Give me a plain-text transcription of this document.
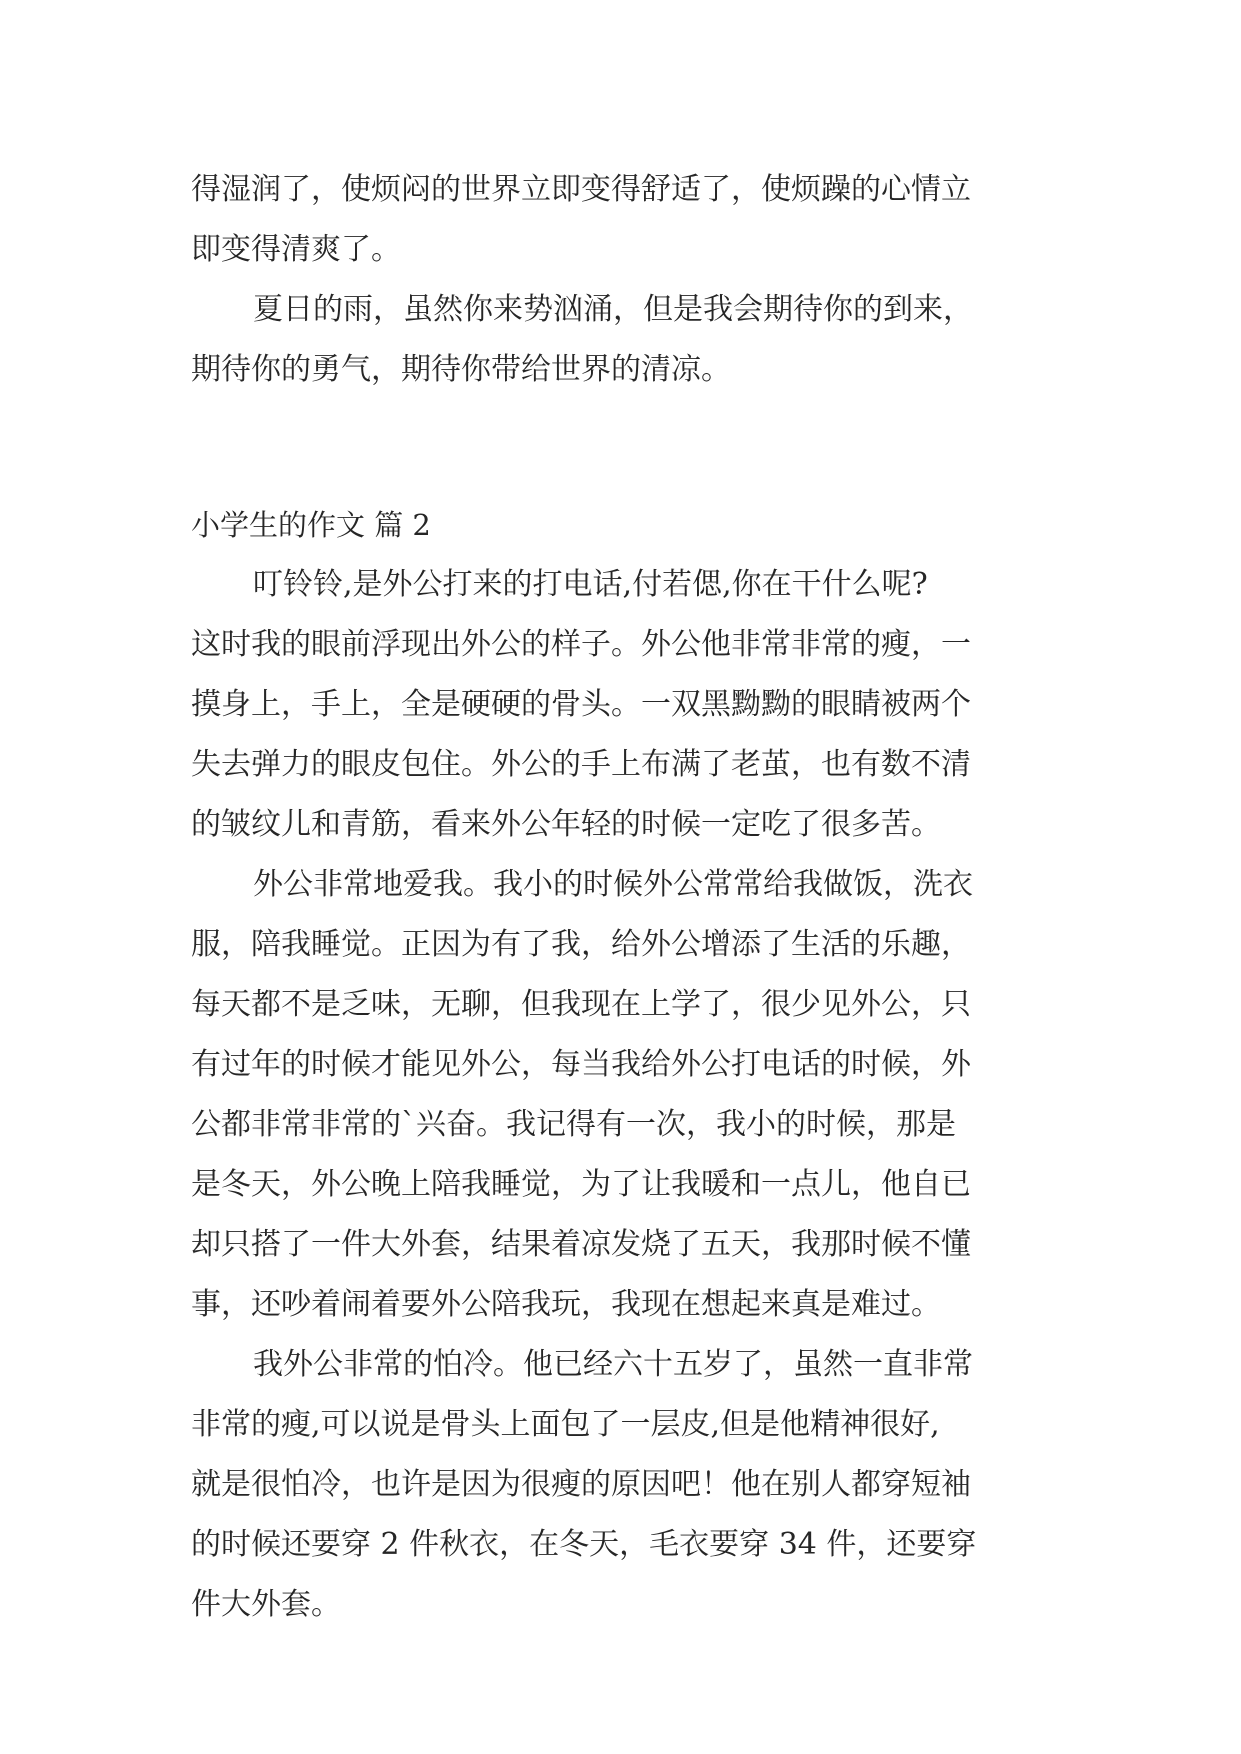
得湿润了，使烦闷的世界立即变得舒适了，使烦躁的心情立
即变得清爽了。
夏日的雨，虽然你来势汹涌，但是我会期待你的到来，
期待你的勇气，期待你带给世界的清凉。
小学生的作文 篇 2
叮铃铃,是外公打来的打电话,付若偲,你在干什么呢?
这时我的眼前浮现出外公的样子。外公他非常非常的瘦，一
摸身上，手上，全是硬硬的骨头。一双黑黝黝的眼睛被两个
失去弹力的眼皮包住。外公的手上布满了老茧，也有数不清
的皱纹儿和青筋，看来外公年轻的时候一定吃了很多苦。
外公非常地爱我。我小的时候外公常常给我做饭，洗衣
服，陪我睡觉。正因为有了我，给外公增添了生活的乐趣，
每天都不是乏味，无聊，但我现在上学了，很少见外公，只
有过年的时候才能见外公，每当我给外公打电话的时候，外
公都非常非常的`兴奋。我记得有一次，我小的时候，那是
是冬天，外公晚上陪我睡觉，为了让我暖和一点儿，他自已
却只搭了一件大外套，结果着凉发烧了五天，我那时候不懂
事，还吵着闹着要外公陪我玩，我现在想起来真是难过。
我外公非常的怕冷。他已经六十五岁了，虽然一直非常
非常的瘦,可以说是骨头上面包了一层皮,但是他精神很好,
就是很怕冷，也许是因为很瘦的原因吧！他在别人都穿短袖
的时候还要穿 2 件秋衣，在冬天，毛衣要穿 34 件，还要穿
件大外套。
